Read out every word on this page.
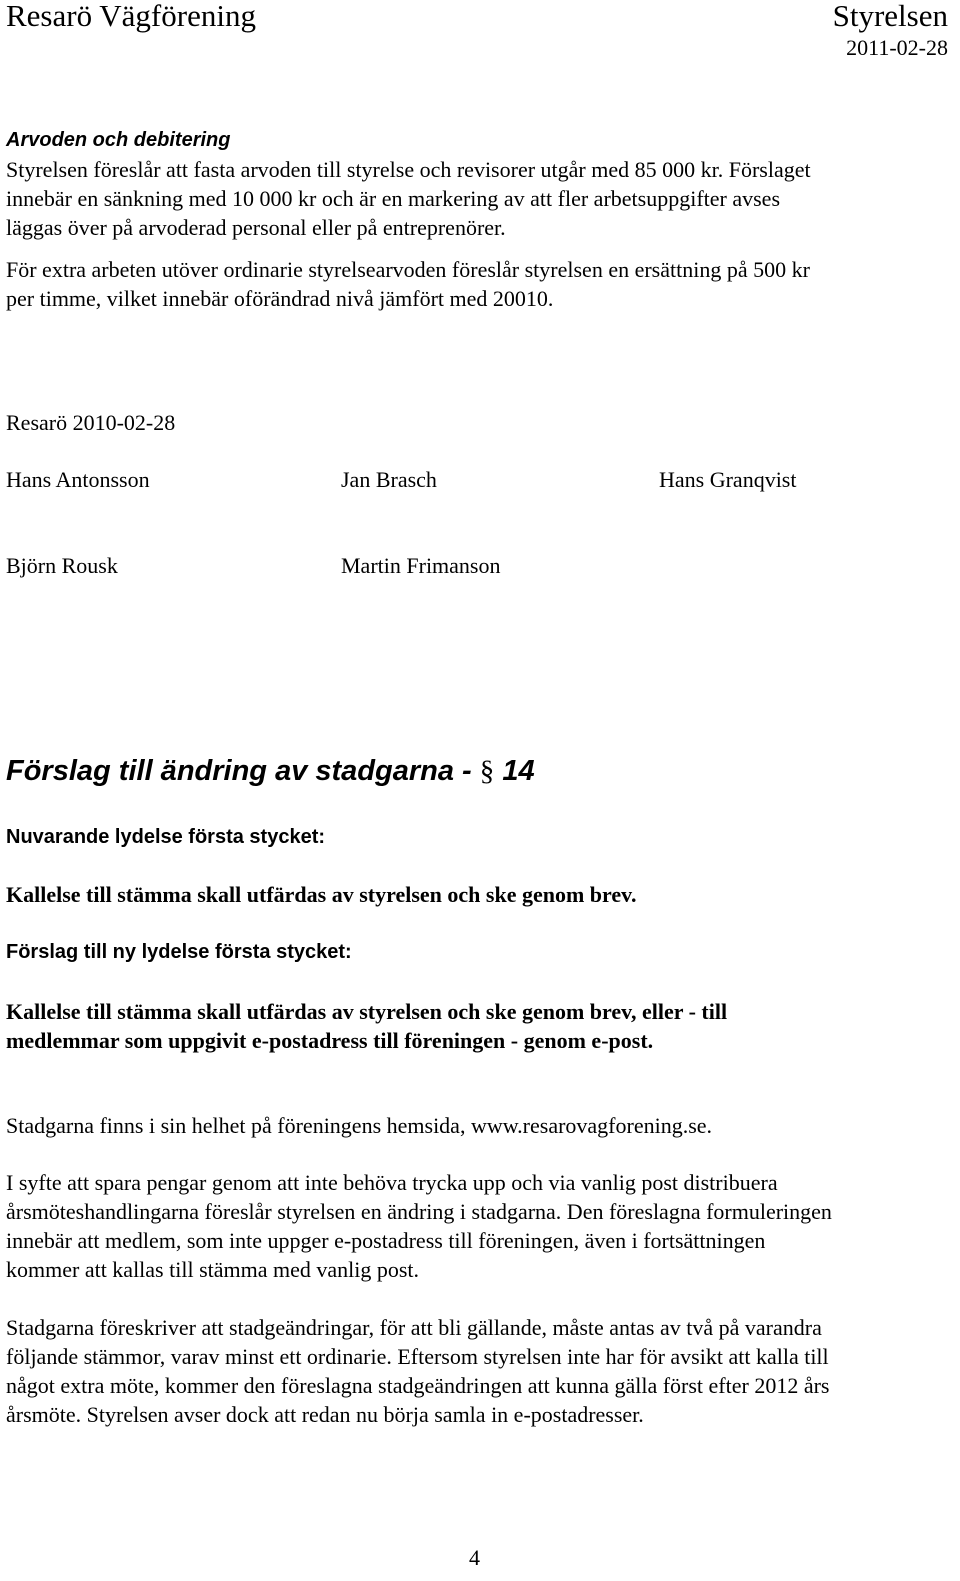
Resarö Vägförening	Styrelsen
2011-02-28
Arvoden och debitering
Styrelsen föreslår att fasta arvoden till styrelse och revisorer utgår med 85 000 kr. Förslaget
innebär en sänkning med 10 000 kr och är en markering av att fler arbetsuppgifter avses
läggas över på arvoderad personal eller på entreprenörer.
För extra arbeten utöver ordinarie styrelsearvoden föreslår styrelsen en ersättning på 500 kr
per timme, vilket innebär oförändrad nivå jämfört med 20010.
Resarö 2010-02-28
Hans Antonsson	Jan Brasch	Hans Granqvist
Björn Rousk	Martin Frimanson
Förslag till ändring av stadgarna - § 14
Nuvarande lydelse första stycket:
Kallelse till stämma skall utfärdas av styrelsen och ske genom brev.
Förslag till ny lydelse första stycket:
Kallelse till stämma skall utfärdas av styrelsen och ske genom brev, eller - till
medlemmar som uppgivit e-postadress till föreningen - genom e-post.
Stadgarna finns i sin helhet på föreningens hemsida, www.resarovagforening.se.
I syfte att spara pengar genom att inte behöva trycka upp och via vanlig post distribuera
årsmöteshandlingarna föreslår styrelsen en ändring i stadgarna. Den föreslagna formuleringen
innebär att medlem, som inte uppger e-postadress till föreningen, även i fortsättningen
kommer att kallas till stämma med vanlig post.
Stadgarna föreskriver att stadgeändringar, för att bli gällande, måste antas av två på varandra
följande stämmor, varav minst ett ordinarie. Eftersom styrelsen inte har för avsikt att kalla till
något extra möte, kommer den föreslagna stadgeändringen att kunna gälla först efter 2012 års
årsmöte. Styrelsen avser dock att redan nu börja samla in e-postadresser.
4
